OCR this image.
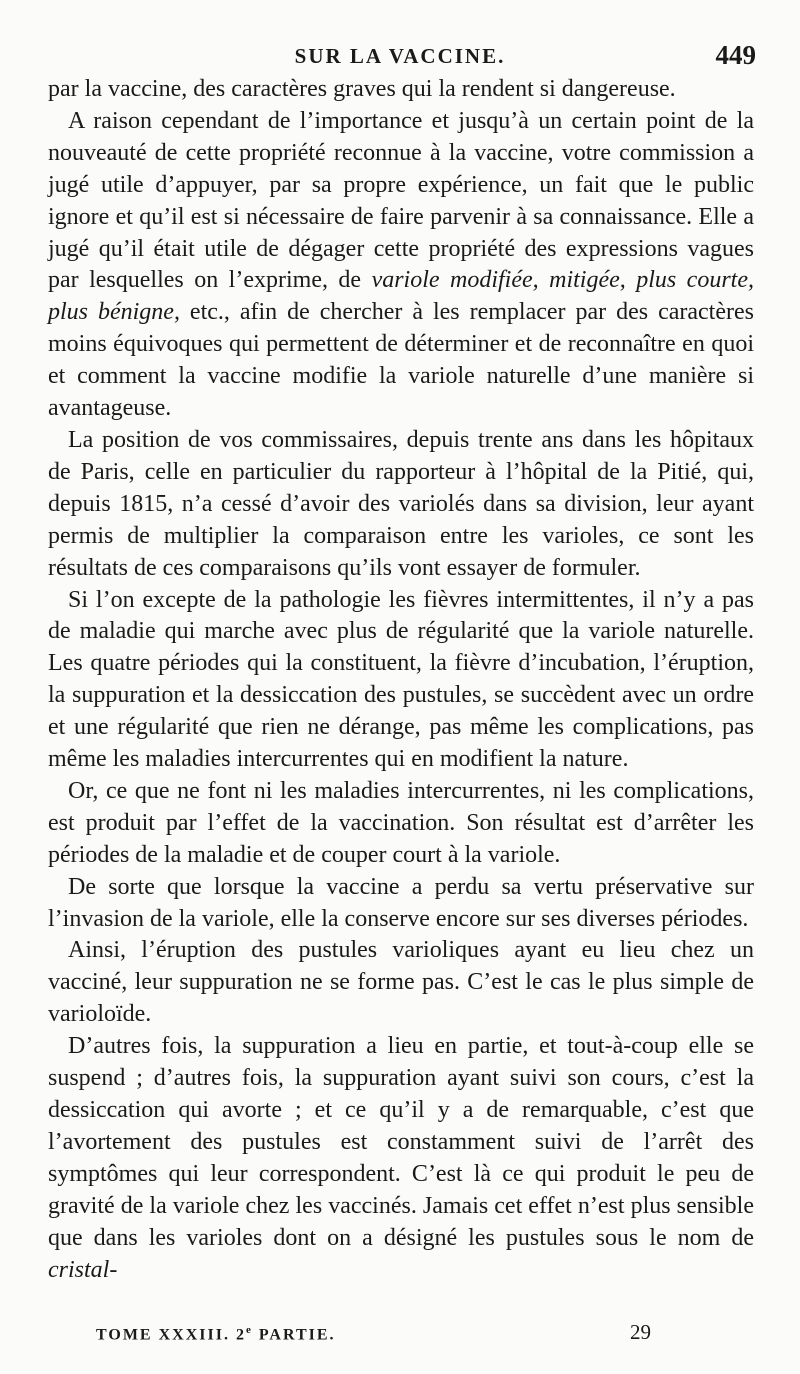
SUR LA VACCINE.	449

par la vaccine, des caractères graves qui la rendent si dangereuse.

A raison cependant de l’importance et jusqu’à un certain point de la nouveauté de cette propriété reconnue à la vaccine, votre commission a jugé utile d’appuyer, par sa propre expérience, un fait que le public ignore et qu’il est si nécessaire de faire parvenir à sa connaissance. Elle a jugé qu’il était utile de dégager cette propriété des expressions vagues par lesquelles on l’exprime, de variole modifiée, mitigée, plus courte, plus bénigne, etc., afin de chercher à les remplacer par des caractères moins équivoques qui permettent de déterminer et de reconnaître en quoi et comment la vaccine modifie la variole naturelle d’une manière si avantageuse.

La position de vos commissaires, depuis trente ans dans les hôpitaux de Paris, celle en particulier du rapporteur à l’hôpital de la Pitié, qui, depuis 1815, n’a cessé d’avoir des variolés dans sa division, leur ayant permis de multiplier la comparaison entre les varioles, ce sont les résultats de ces comparaisons qu’ils vont essayer de formuler.

Si l’on excepte de la pathologie les fièvres intermittentes, il n’y a pas de maladie qui marche avec plus de régularité que la variole naturelle. Les quatre périodes qui la constituent, la fièvre d’incubation, l’éruption, la suppuration et la dessiccation des pustules, se succèdent avec un ordre et une régularité que rien ne dérange, pas même les complications, pas même les maladies intercurrentes qui en modifient la nature.

Or, ce que ne font ni les maladies intercurrentes, ni les complications, est produit par l’effet de la vaccination. Son résultat est d’arrêter les périodes de la maladie et de couper court à la variole.

De sorte que lorsque la vaccine a perdu sa vertu préservative sur l’invasion de la variole, elle la conserve encore sur ses diverses périodes.

Ainsi, l’éruption des pustules varioliques ayant eu lieu chez un vacciné, leur suppuration ne se forme pas. C’est le cas le plus simple de varioloïde.

D’autres fois, la suppuration a lieu en partie, et tout-à-coup elle se suspend ; d’autres fois, la suppuration ayant suivi son cours, c’est la dessiccation qui avorte ; et ce qu’il y a de remarquable, c’est que l’avortement des pustules est constamment suivi de l’arrêt des symptômes qui leur correspondent. C’est là ce qui produit le peu de gravité de la variole chez les vaccinés. Jamais cet effet n’est plus sensible que dans les varioles dont on a désigné les pustules sous le nom de cristal-

TOME XXXIII. 2e PARTIE.	29
